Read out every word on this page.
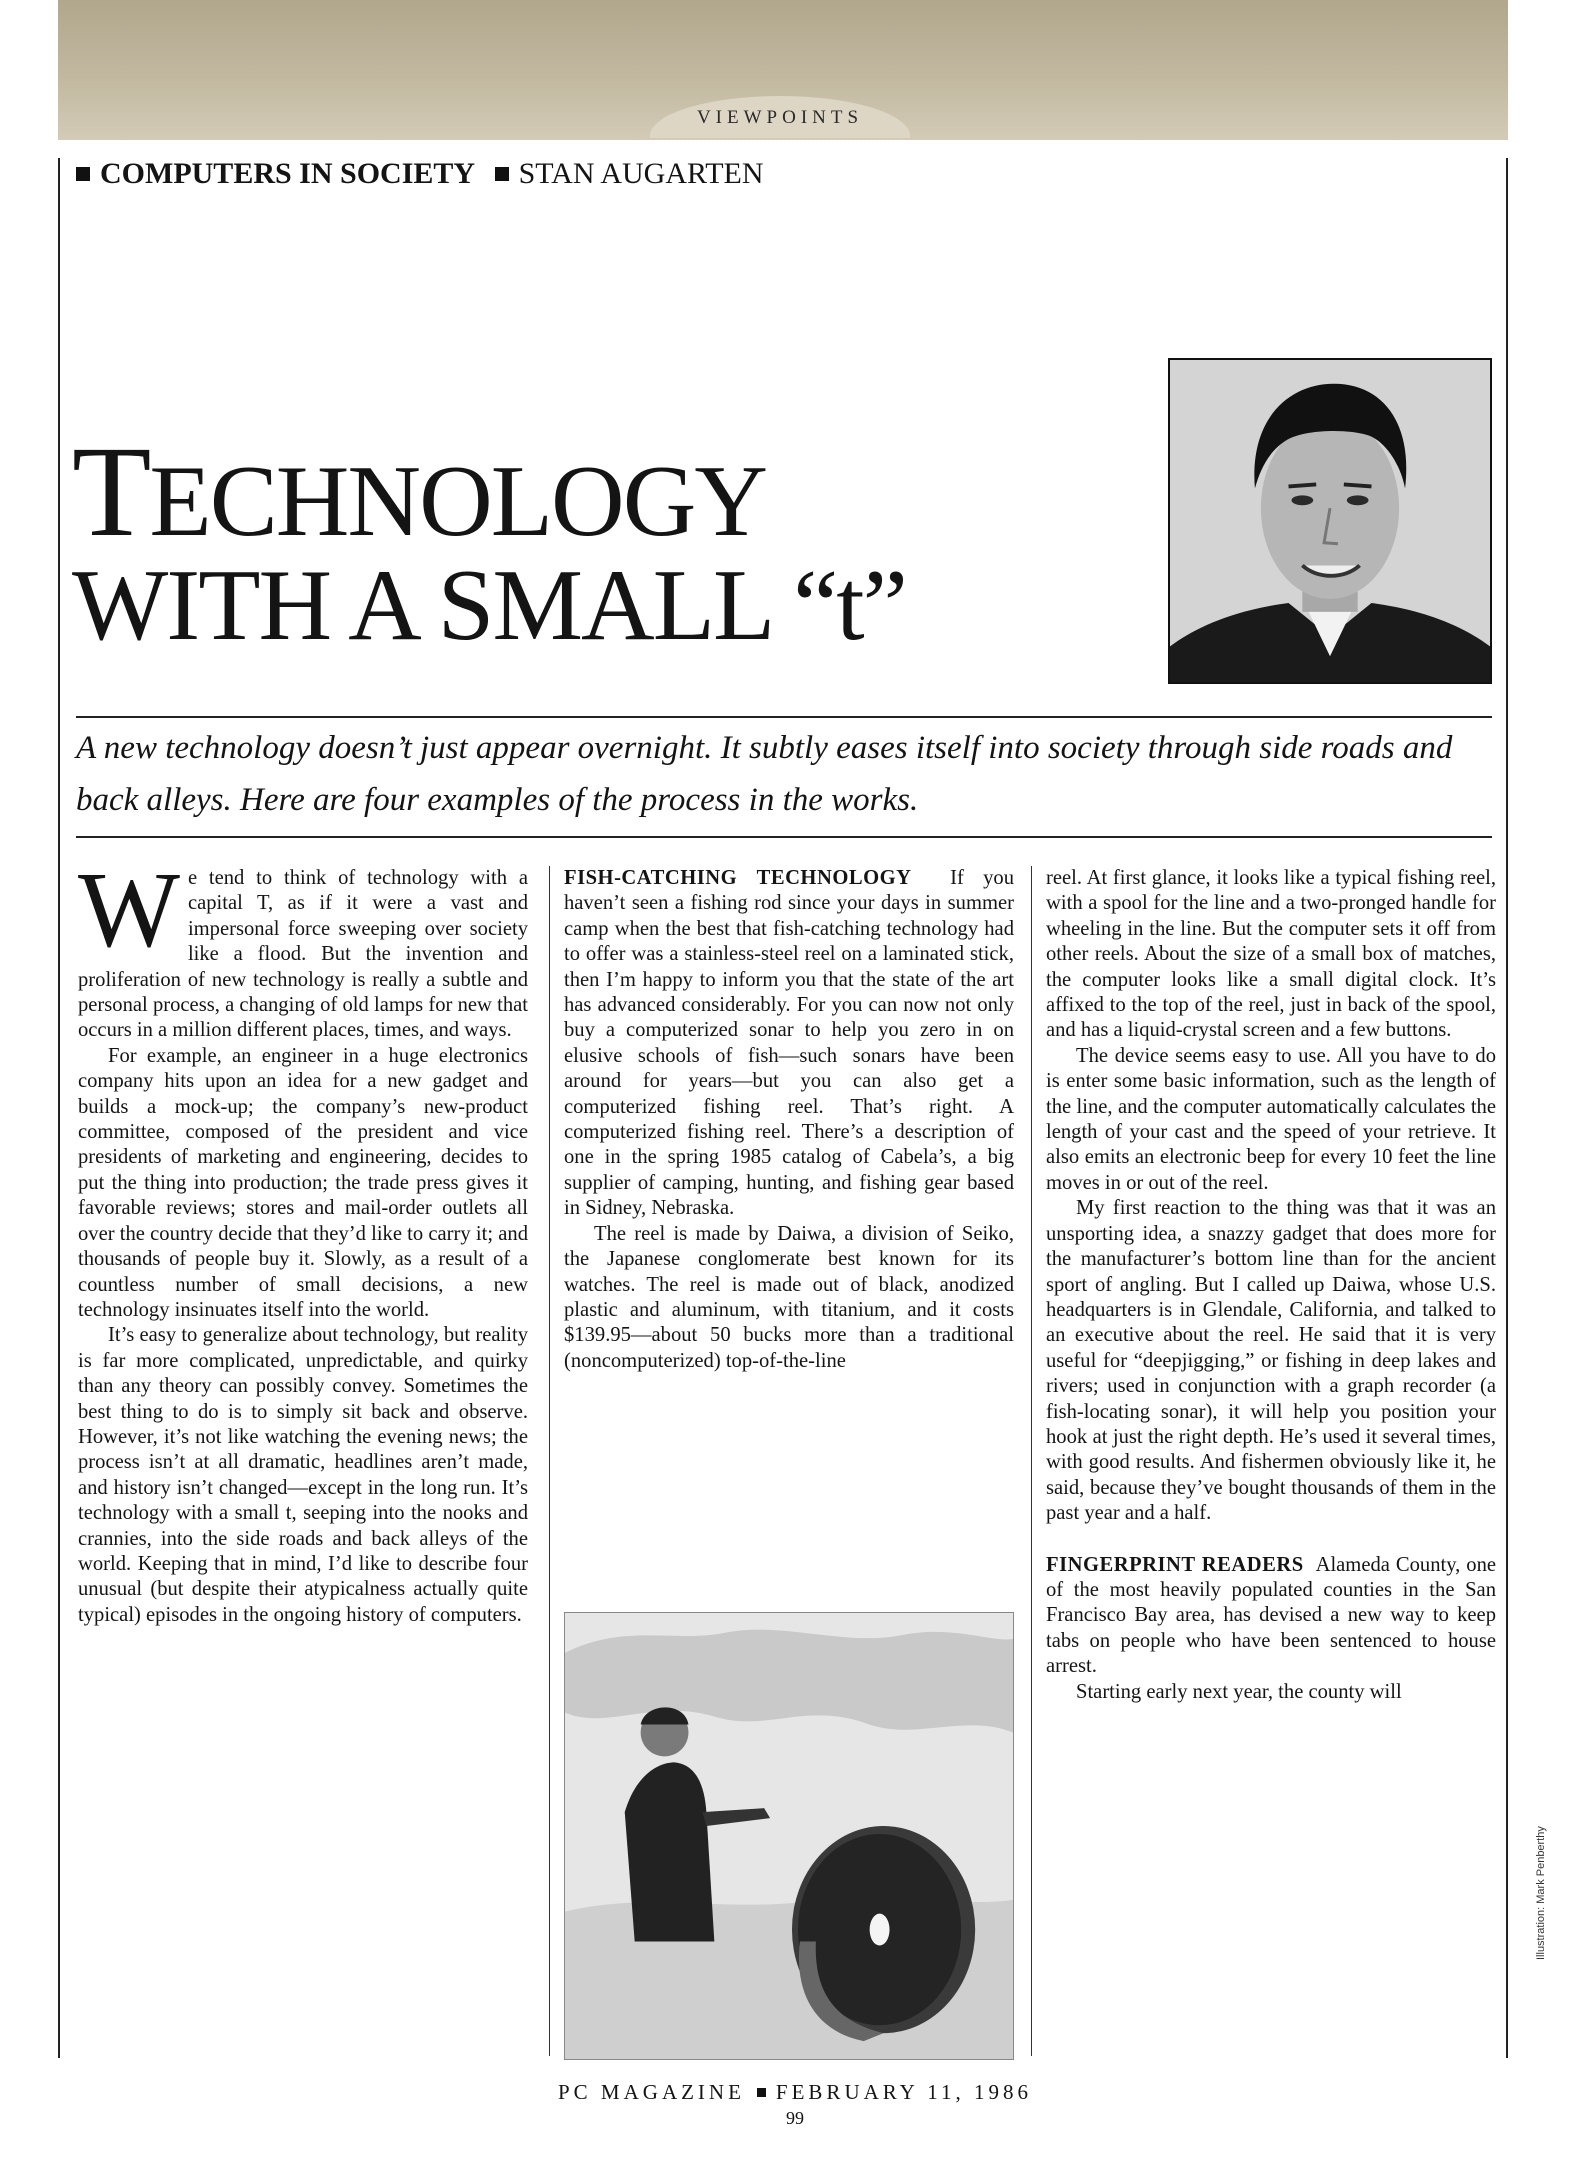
VIEWPOINTS
COMPUTERS IN SOCIETY STAN AUGARTEN
TECHNOLOGY
WITH A SMALL “t”

A new technology doesn’t just appear overnight. It subtly eases itself into society through side roads and back alleys. Here are four examples of the process in the works.

We tend to think of technology with a capital T, as if it were a vast and impersonal force sweeping over society like a flood. But the invention and proliferation of new technology is really a subtle and personal process, a changing of old lamps for new that occurs in a million different places, times, and ways.

For example, an engineer in a huge electronics company hits upon an idea for a new gadget and builds a mock-up; the company’s new-product committee, composed of the president and vice presidents of marketing and engineering, decides to put the thing into production; the trade press gives it favorable reviews; stores and mail-order outlets all over the country decide that they’d like to carry it; and thousands of people buy it. Slowly, as a result of a countless number of small decisions, a new technology insinuates itself into the world.

It’s easy to generalize about technology, but reality is far more complicated, unpredictable, and quirky than any theory can possibly convey. Sometimes the best thing to do is to simply sit back and observe. However, it’s not like watching the evening news; the process isn’t at all dramatic, headlines aren’t made, and history isn’t changed—except in the long run. It’s technology with a small t, seeping into the nooks and crannies, into the side roads and back alleys of the world. Keeping that in mind, I’d like to describe four unusual (but despite their atypicalness actually quite typical) episodes in the ongoing history of computers.

FISH-CATCHING TECHNOLOGY If you haven’t seen a fishing rod since your days in summer camp when the best that fish-catching technology had to offer was a stainless-steel reel on a laminated stick, then I’m happy to inform you that the state of the art has advanced considerably. For you can now not only buy a computerized sonar to help you zero in on elusive schools of fish—such sonars have been around for years—but you can also get a computerized fishing reel. That’s right. A computerized fishing reel. There’s a description of one in the spring 1985 catalog of Cabela’s, a big supplier of camping, hunting, and fishing gear based in Sidney, Nebraska.

The reel is made by Daiwa, a division of Seiko, the Japanese conglomerate best known for its watches. The reel is made out of black, anodized plastic and aluminum, with titanium, and it costs $139.95—about 50 bucks more than a traditional (noncomputerized) top-of-the-line

reel. At first glance, it looks like a typical fishing reel, with a spool for the line and a two-pronged handle for wheeling in the line. But the computer sets it off from other reels. About the size of a small box of matches, the computer looks like a small digital clock. It’s affixed to the top of the reel, just in back of the spool, and has a liquid-crystal screen and a few buttons.

The device seems easy to use. All you have to do is enter some basic information, such as the length of the line, and the computer automatically calculates the length of your cast and the speed of your retrieve. It also emits an electronic beep for every 10 feet the line moves in or out of the reel.

My first reaction to the thing was that it was an unsporting idea, a snazzy gadget that does more for the manufacturer’s bottom line than for the ancient sport of angling. But I called up Daiwa, whose U.S. headquarters is in Glendale, California, and talked to an executive about the reel. He said that it is very useful for “deepjigging,” or fishing in deep lakes and rivers; used in conjunction with a graph recorder (a fish-locating sonar), it will help you position your hook at just the right depth. He’s used it several times, with good results. And fishermen obviously like it, he said, because they’ve bought thousands of them in the past year and a half.

FINGERPRINT READERS Alameda County, one of the most heavily populated counties in the San Francisco Bay area, has devised a new way to keep tabs on people who have been sentenced to house arrest.

Starting early next year, the county will

Illustration: Mark Penberthy
PC MAGAZINE FEBRUARY 11, 1986
99
